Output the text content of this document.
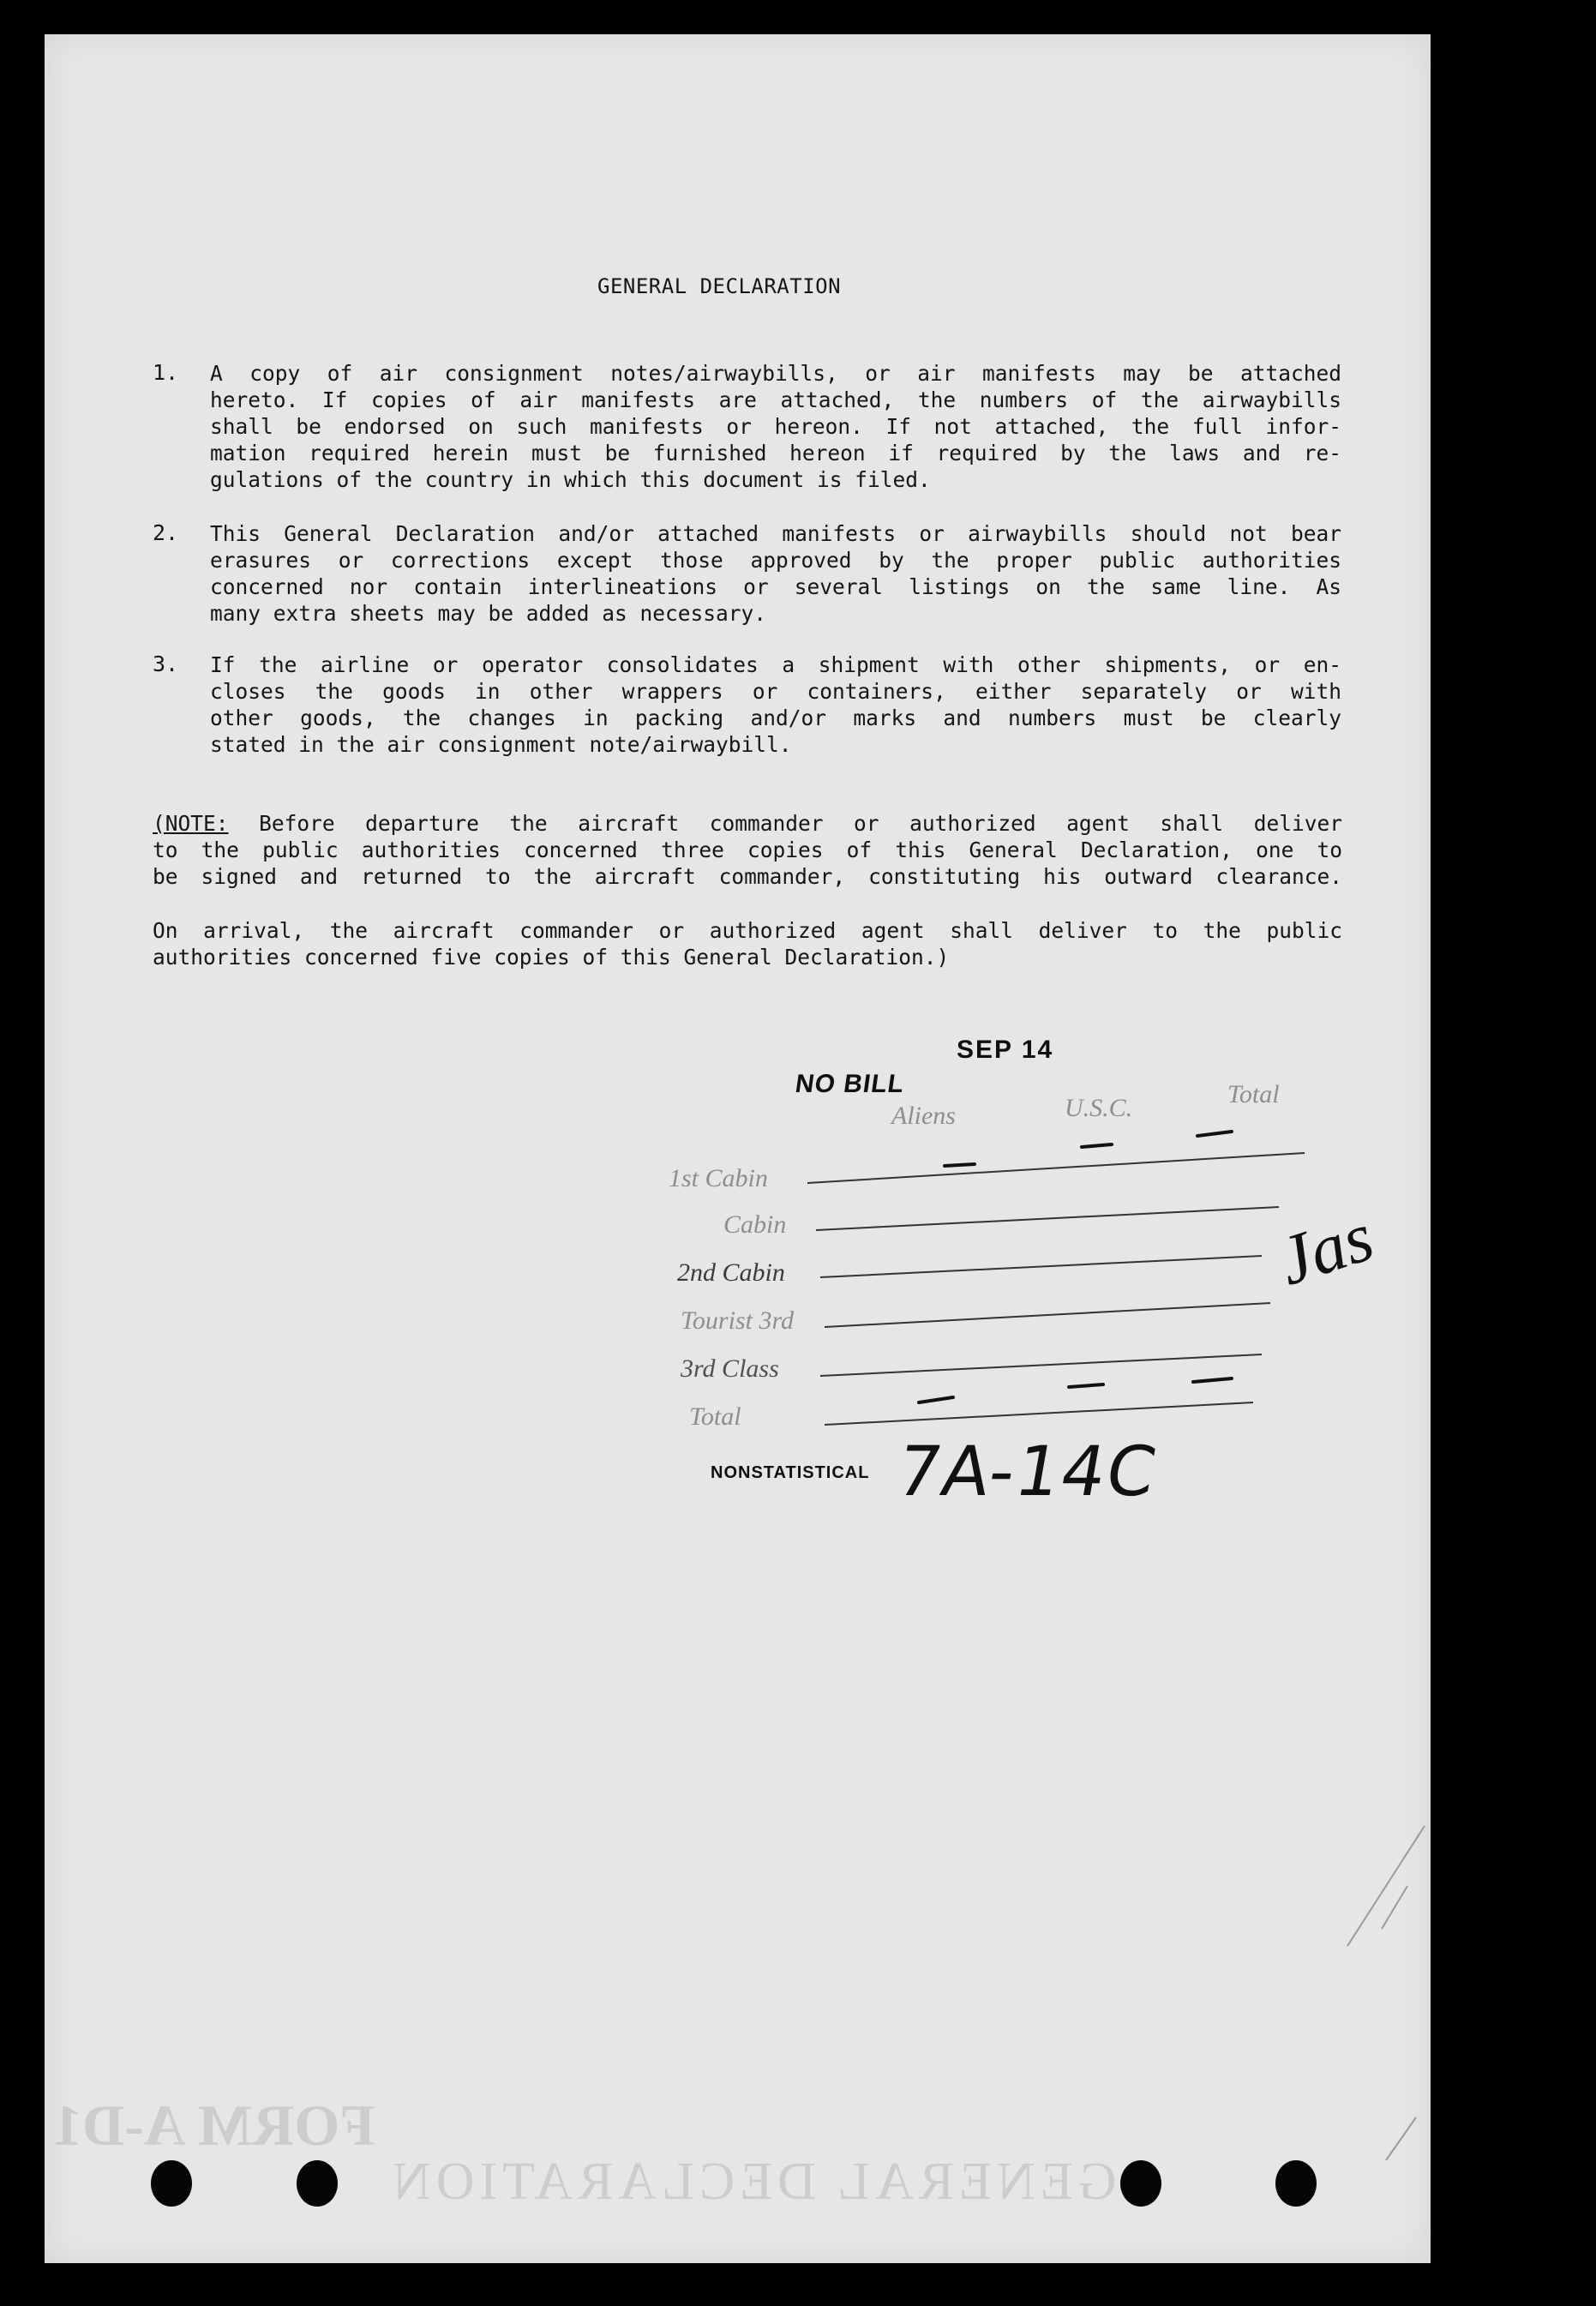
FORM A-D1
GENERAL DECLARATION
GENERAL DECLARATION
1. A copy of air consignment notes/airwaybills, or air manifests may be attached
hereto. If copies of air manifests are attached, the numbers of the airwaybills
shall be endorsed on such manifests or hereon. If not attached, the full infor-
mation required herein must be furnished hereon if required by the laws and re-
gulations of the country in which this document is filed.
2. This General Declaration and/or attached manifests or airwaybills should not bear
erasures or corrections except those approved by the proper public authorities
concerned nor contain interlineations or several listings on the same line. As
many extra sheets may be added as necessary.
3. If the airline or operator consolidates a shipment with other shipments, or en-
closes the goods in other wrappers or containers, either separately or with
other goods, the changes in packing and/or marks and numbers must be clearly
stated in the air consignment note/airwaybill.
(NOTE: Before departure the aircraft commander or authorized agent shall deliver
to the public authorities concerned three copies of this General Declaration, one to
be signed and returned to the aircraft commander, constituting his outward clearance.
On arrival, the aircraft commander or authorized agent shall deliver to the public
authorities concerned five copies of this General Declaration.)
SEP 14
NO BILL
NONSTATISTICAL
Aliens	U.S.C.	Total
1st Cabin
Cabin
2nd Cabin
Tourist 3rd
3rd Class
Total
Jas
7A-14C
